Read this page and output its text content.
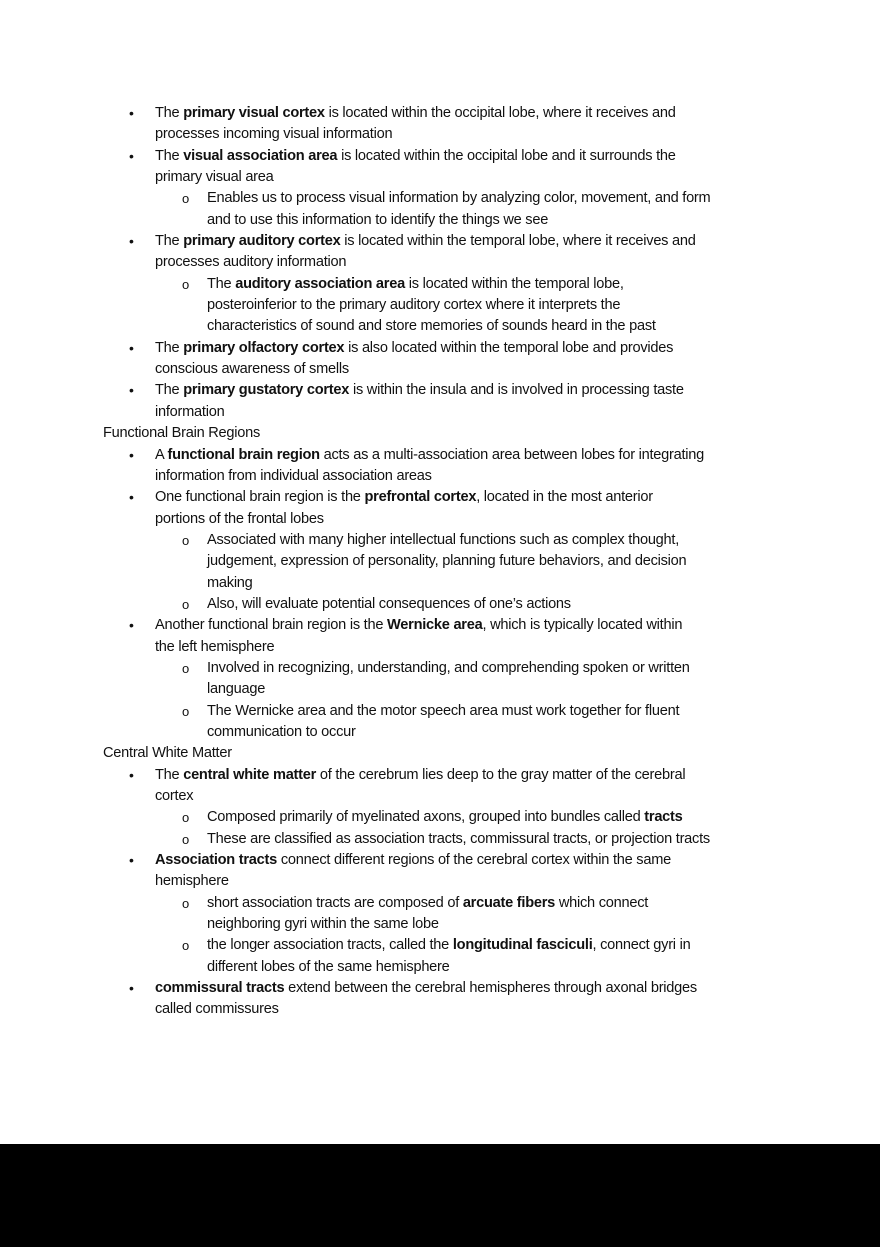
• The primary visual cortex is located within the occipital lobe, where it receives and
processes incoming visual information
• The visual association area is located within the occipital lobe and it surrounds the
primary visual area
o Enables us to process visual information by analyzing color, movement, and form
and to use this information to identify the things we see
• The primary auditory cortex is located within the temporal lobe, where it receives and
processes auditory information
o The auditory association area is located within the temporal lobe,
posteroinferior to the primary auditory cortex where it interprets the
characteristics of sound and store memories of sounds heard in the past
• The primary olfactory cortex is also located within the temporal lobe and provides
conscious awareness of smells
• The primary gustatory cortex is within the insula and is involved in processing taste
information
Functional Brain Regions
• A functional brain region acts as a multi-association area between lobes for integrating
information from individual association areas
• One functional brain region is the prefrontal cortex, located in the most anterior
portions of the frontal lobes
o Associated with many higher intellectual functions such as complex thought,
judgement, expression of personality, planning future behaviors, and decision
making
o Also, will evaluate potential consequences of one’s actions
• Another functional brain region is the Wernicke area, which is typically located within
the left hemisphere
o Involved in recognizing, understanding, and comprehending spoken or written
language
o The Wernicke area and the motor speech area must work together for fluent
communication to occur
Central White Matter
• The central white matter of the cerebrum lies deep to the gray matter of the cerebral
cortex
o Composed primarily of myelinated axons, grouped into bundles called tracts
o These are classified as association tracts, commissural tracts, or projection tracts
• Association tracts connect different regions of the cerebral cortex within the same
hemisphere
o short association tracts are composed of arcuate fibers which connect
neighboring gyri within the same lobe
o the longer association tracts, called the longitudinal fasciculi, connect gyri in
different lobes of the same hemisphere
• commissural tracts extend between the cerebral hemispheres through axonal bridges
called commissures
